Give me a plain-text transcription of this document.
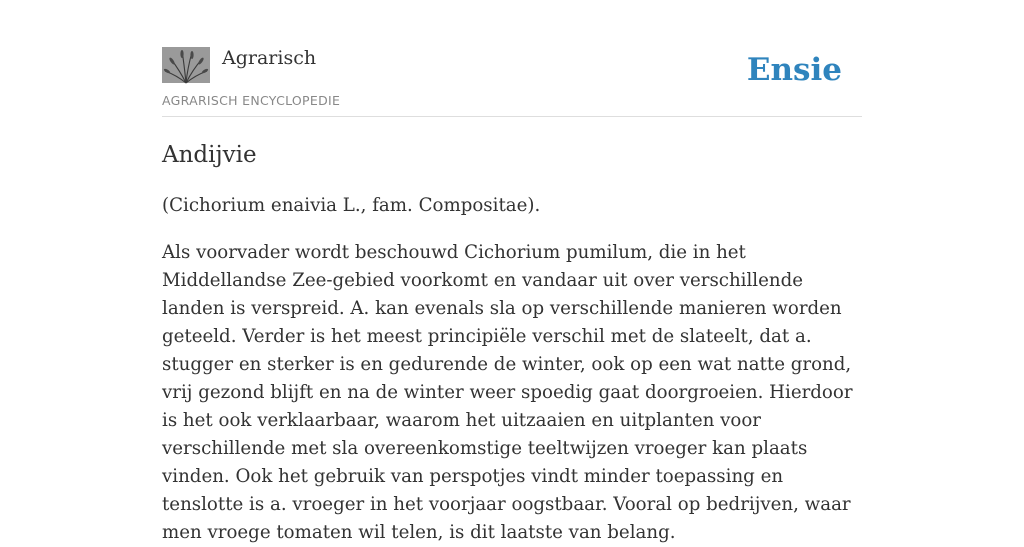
Agrarisch
AGRARISCH ENCYCLOPEDIE
Ensie
Andijvie

(Cichorium enaivia L., fam. Compositae).

Als voorvader wordt beschouwd Cichorium pumilum, die in het Middellandse Zee-gebied voorkomt en vandaar uit over verschillende landen is verspreid. A. kan evenals sla op verschillende manieren worden geteeld. Verder is het meest principiële verschil met de slateelt, dat a. stugger en sterker is en gedurende de winter, ook op een wat natte grond, vrij gezond blijft en na de winter weer spoedig gaat doorgroeien. Hierdoor is het ook verklaarbaar, waarom het uitzaaien en uitplanten voor verschillende met sla overeenkomstige teeltwijzen vroeger kan plaats vinden. Ook het gebruik van perspotjes vindt minder toepassing en tenslotte is a. vroeger in het voorjaar oogstbaar. Vooral op bedrijven, waar men vroege tomaten wil telen, is dit laatste van belang.
